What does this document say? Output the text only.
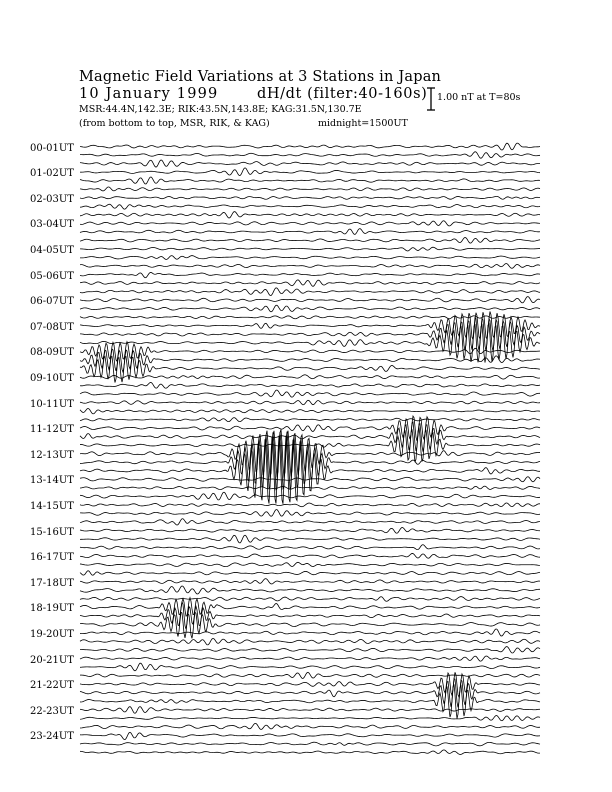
Magnetic Field Variations at 3 Stations in Japan
10 January 1999	dH/dt (filter:40-160s)
MSR:44.4N,142.3E; RIK:43.5N,143.8E; KAG:31.5N,130.7E
(from bottom to top, MSR, RIK, & KAG)	midnight=1500UT
1.00 nT at T=80s
00-01UT
01-02UT
02-03UT
03-04UT
04-05UT
05-06UT
06-07UT
07-08UT
08-09UT
09-10UT
10-11UT
11-12UT
12-13UT
13-14UT
14-15UT
15-16UT
16-17UT
17-18UT
18-19UT
19-20UT
20-21UT
21-22UT
22-23UT
23-24UT
